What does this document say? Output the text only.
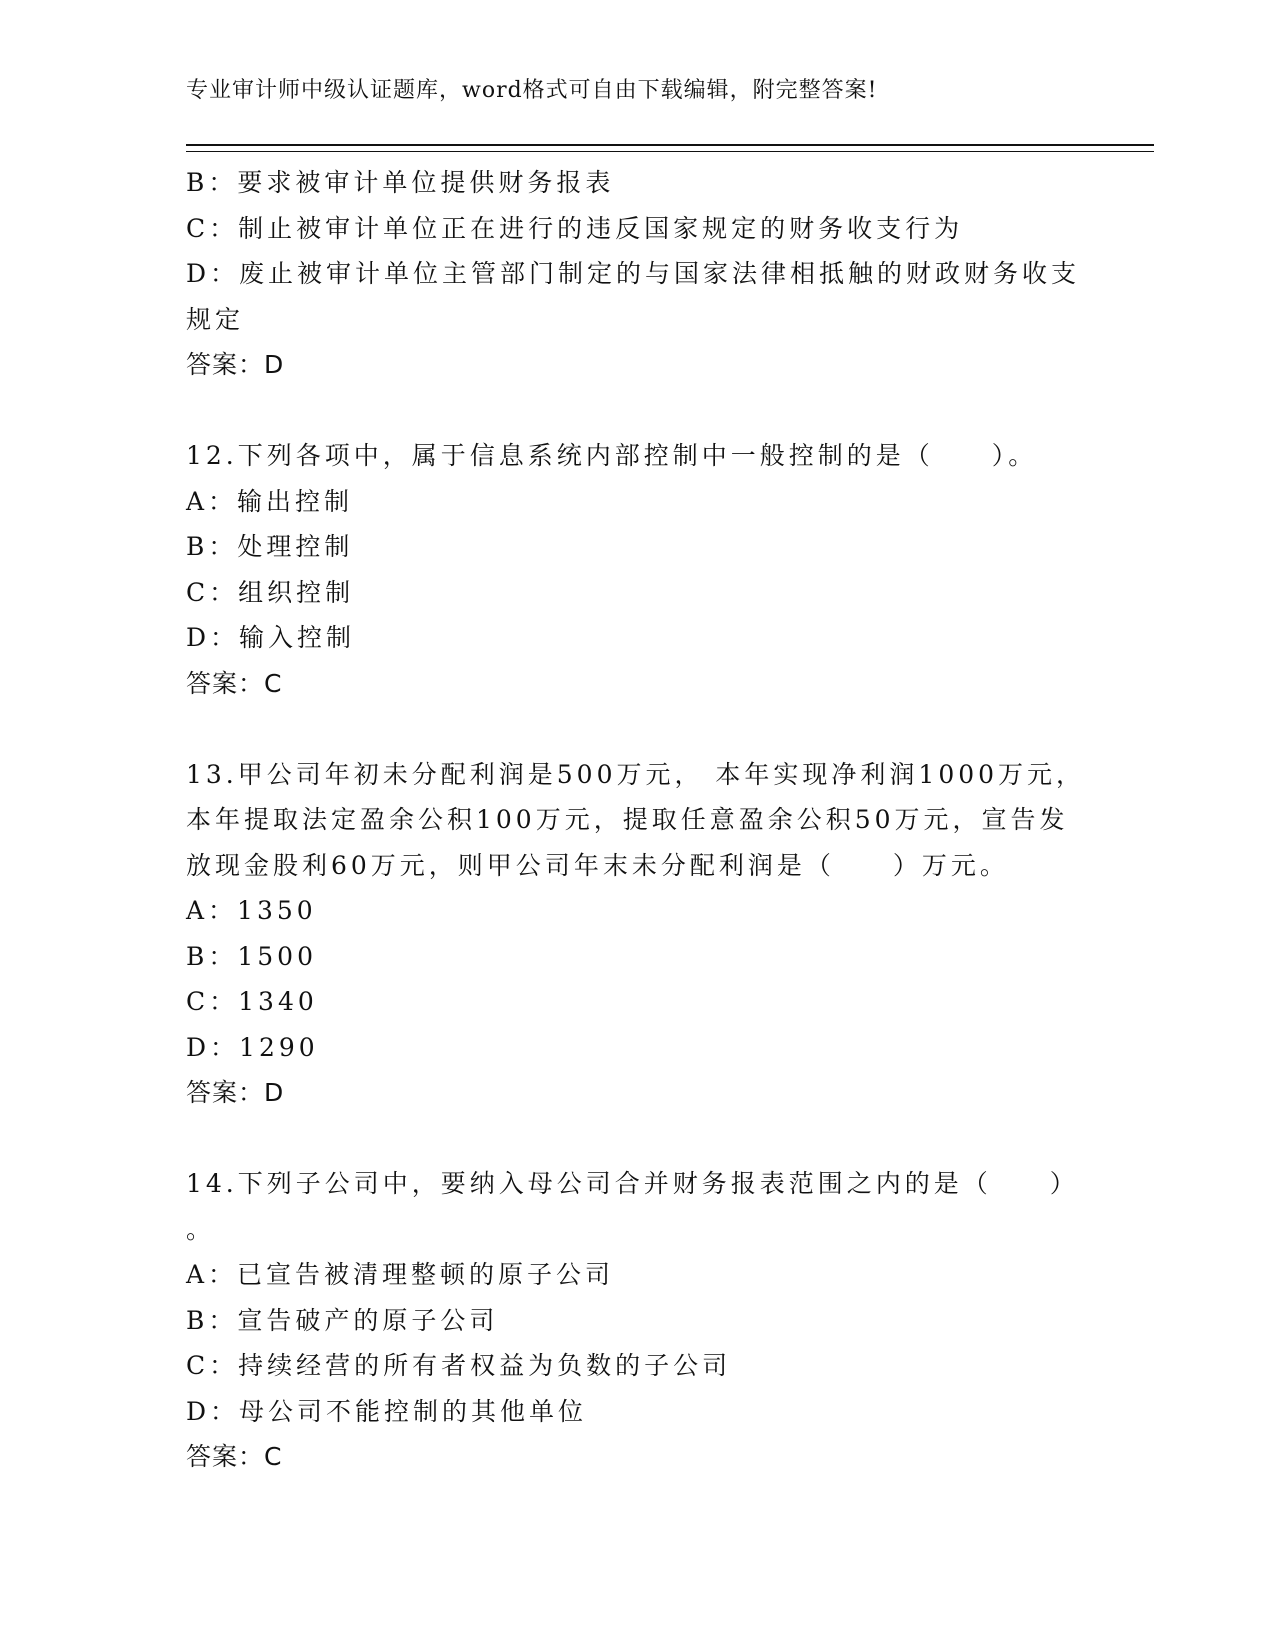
专业审计师中级认证题库，word格式可自由下载编辑，附完整答案!
B：要求被审计单位提供财务报表
C：制止被审计单位正在进行的违反国家规定的财务收支行为
D：废止被审计单位主管部门制定的与国家法律相抵触的财政财务收支
规定
答案：D
12.下列各项中，属于信息系统内部控制中一般控制的是（　　）。
A：输出控制
B：处理控制
C：组织控制
D：输入控制
答案：C
13.甲公司年初未分配利润是500万元， 本年实现净利润1000万元，
本年提取法定盈余公积100万元，提取任意盈余公积50万元，宣告发
放现金股利60万元，则甲公司年末未分配利润是（　　）万元。
A：1350
B：1500
C：1340
D：1290
答案：D
14.下列子公司中，要纳入母公司合并财务报表范围之内的是（　　）
。
A：已宣告被清理整顿的原子公司
B：宣告破产的原子公司
C：持续经营的所有者权益为负数的子公司
D：母公司不能控制的其他单位
答案：C
